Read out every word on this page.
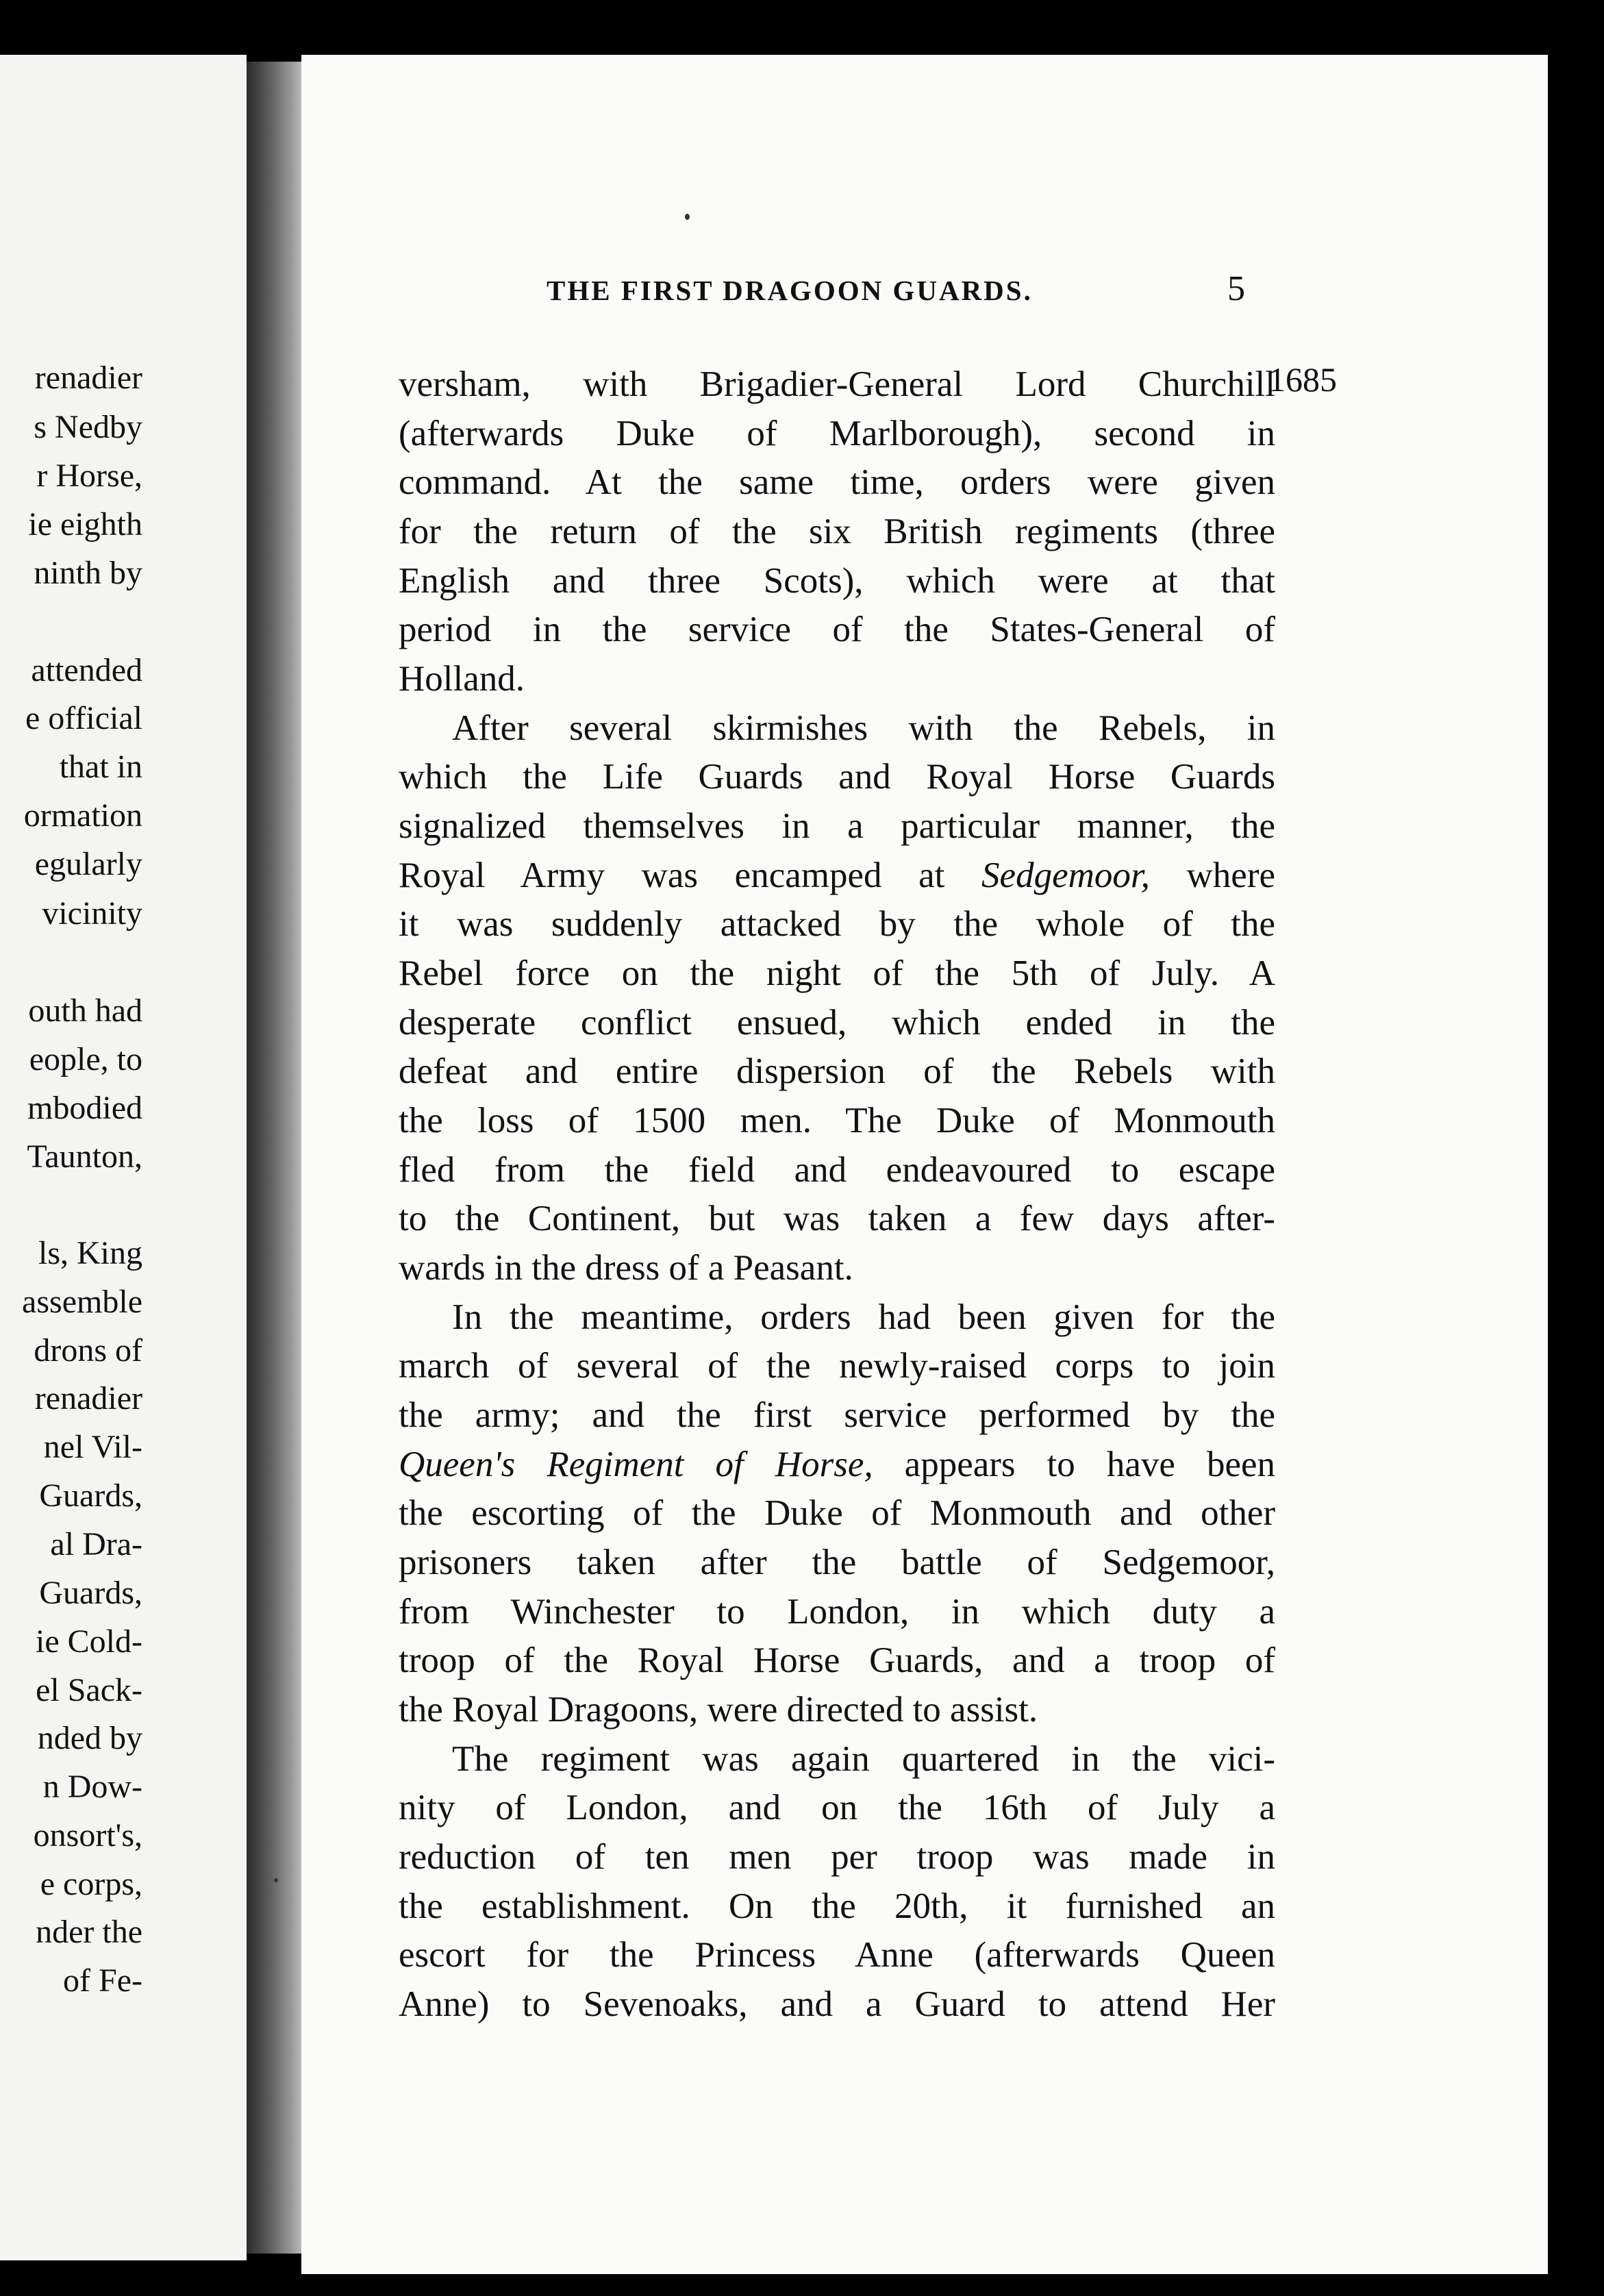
renadier
s Nedby
r Horse,
ie eighth
ninth by
attended
e official
that in
ormation
egularly
vicinity
outh had
eople, to
mbodied
Taunton,
ls, King
assemble
drons of
renadier
nel Vil-
Guards,
al Dra-
Guards,
ie Cold-
el Sack-
nded by
n Dow-
onsort's,
e corps,
nder the
of Fe-
THE FIRST DRAGOON GUARDS.	5
1685
versham, with Brigadier-General Lord Churchill
(afterwards Duke of Marlborough), second in
command. At the same time, orders were given
for the return of the six British regiments (three
English and three Scots), which were at that
period in the service of the States-General of
Holland.
After several skirmishes with the Rebels, in
which the Life Guards and Royal Horse Guards
signalized themselves in a particular manner, the
Royal Army was encamped at Sedgemoor, where
it was suddenly attacked by the whole of the
Rebel force on the night of the 5th of July. A
desperate conflict ensued, which ended in the
defeat and entire dispersion of the Rebels with
the loss of 1500 men. The Duke of Monmouth
fled from the field and endeavoured to escape
to the Continent, but was taken a few days after-
wards in the dress of a Peasant.
In the meantime, orders had been given for the
march of several of the newly-raised corps to join
the army; and the first service performed by the
Queen's Regiment of Horse, appears to have been
the escorting of the Duke of Monmouth and other
prisoners taken after the battle of Sedgemoor,
from Winchester to London, in which duty a
troop of the Royal Horse Guards, and a troop of
the Royal Dragoons, were directed to assist.
The regiment was again quartered in the vici-
nity of London, and on the 16th of July a
reduction of ten men per troop was made in
the establishment. On the 20th, it furnished an
escort for the Princess Anne (afterwards Queen
Anne) to Sevenoaks, and a Guard to attend Her
